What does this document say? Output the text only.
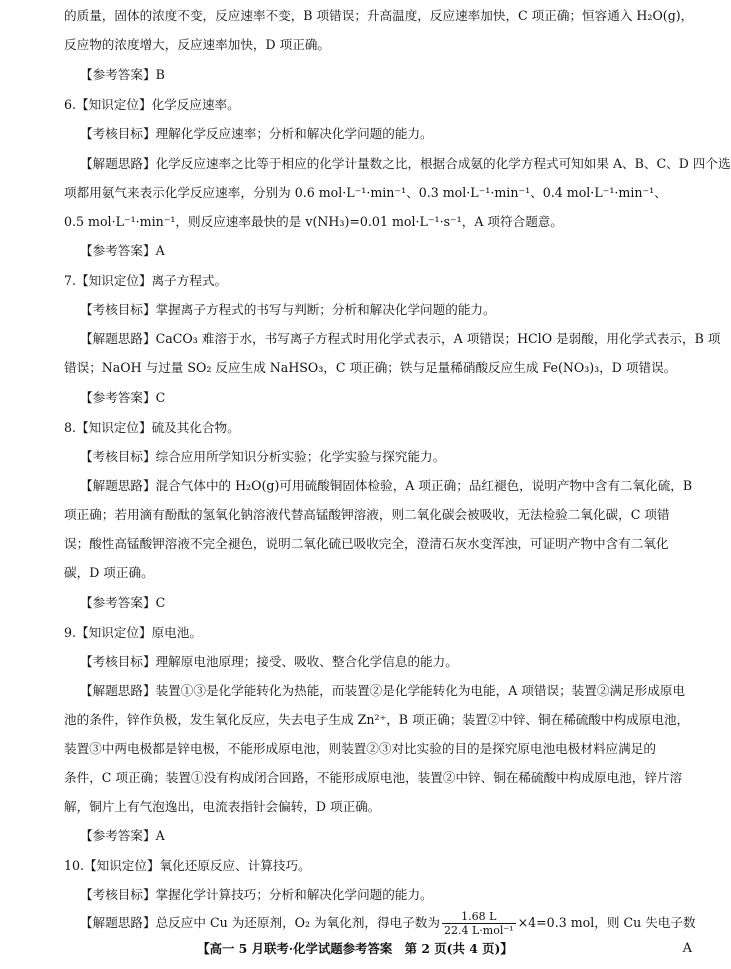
的质量，固体的浓度不变，反应速率不变，B 项错误；升高温度，反应速率加快，C 项正确；恒容通入 H₂O(g)，
反应物的浓度增大，反应速率加快，D 项正确。
【参考答案】B
6.【知识定位】化学反应速率。
【考核目标】理解化学反应速率；分析和解决化学问题的能力。
【解题思路】化学反应速率之比等于相应的化学计量数之比，根据合成氨的化学方程式可知如果 A、B、C、D 四个选
项都用氨气来表示化学反应速率，分别为 0.6 mol·L⁻¹·min⁻¹、0.3 mol·L⁻¹·min⁻¹、0.4 mol·L⁻¹·min⁻¹、
0.5 mol·L⁻¹·min⁻¹，则反应速率最快的是 v(NH₃)=0.01 mol·L⁻¹·s⁻¹，A 项符合题意。
【参考答案】A
7.【知识定位】离子方程式。
【考核目标】掌握离子方程式的书写与判断；分析和解决化学问题的能力。
【解题思路】CaCO₃ 难溶于水，书写离子方程式时用化学式表示，A 项错误；HClO 是弱酸，用化学式表示，B 项
错误；NaOH 与过量 SO₂ 反应生成 NaHSO₃，C 项正确；铁与足量稀硝酸反应生成 Fe(NO₃)₃，D 项错误。
【参考答案】C
8.【知识定位】硫及其化合物。
【考核目标】综合应用所学知识分析实验；化学实验与探究能力。
【解题思路】混合气体中的 H₂O(g)可用硫酸铜固体检验，A 项正确；品红褪色，说明产物中含有二氧化硫，B
项正确；若用滴有酚酞的氢氧化钠溶液代替高锰酸钾溶液，则二氧化碳会被吸收，无法检验二氧化碳，C 项错
误；酸性高锰酸钾溶液不完全褪色，说明二氧化硫已吸收完全，澄清石灰水变浑浊，可证明产物中含有二氧化
碳，D 项正确。
【参考答案】C
9.【知识定位】原电池。
【考核目标】理解原电池原理；接受、吸收、整合化学信息的能力。
【解题思路】装置①③是化学能转化为热能，而装置②是化学能转化为电能，A 项错误；装置②满足形成原电
池的条件，锌作负极，发生氧化反应，失去电子生成 Zn²⁺，B 项正确；装置②中锌、铜在稀硫酸中构成原电池，
装置③中两电极都是锌电极，不能形成原电池，则装置②③对比实验的目的是探究原电池电极材料应满足的
条件，C 项正确；装置①没有构成闭合回路，不能形成原电池，装置②中锌、铜在稀硫酸中构成原电池，锌片溶
解，铜片上有气泡逸出，电流表指针会偏转，D 项正确。
【参考答案】A
10.【知识定位】氧化还原反应、计算技巧。
【考核目标】掌握化学计算技巧；分析和解决化学问题的能力。
【解题思路】总反应中 Cu 为还原剂，O₂ 为氧化剂，得电子数为 $\frac{1.68 L}{\text{22.4 L·mol⁻¹}} \times 4=0.3$ mol，则 Cu 失电子数
【高一 5 月联考·化学试题参考答案　第 2 页(共 4 页)】	A
